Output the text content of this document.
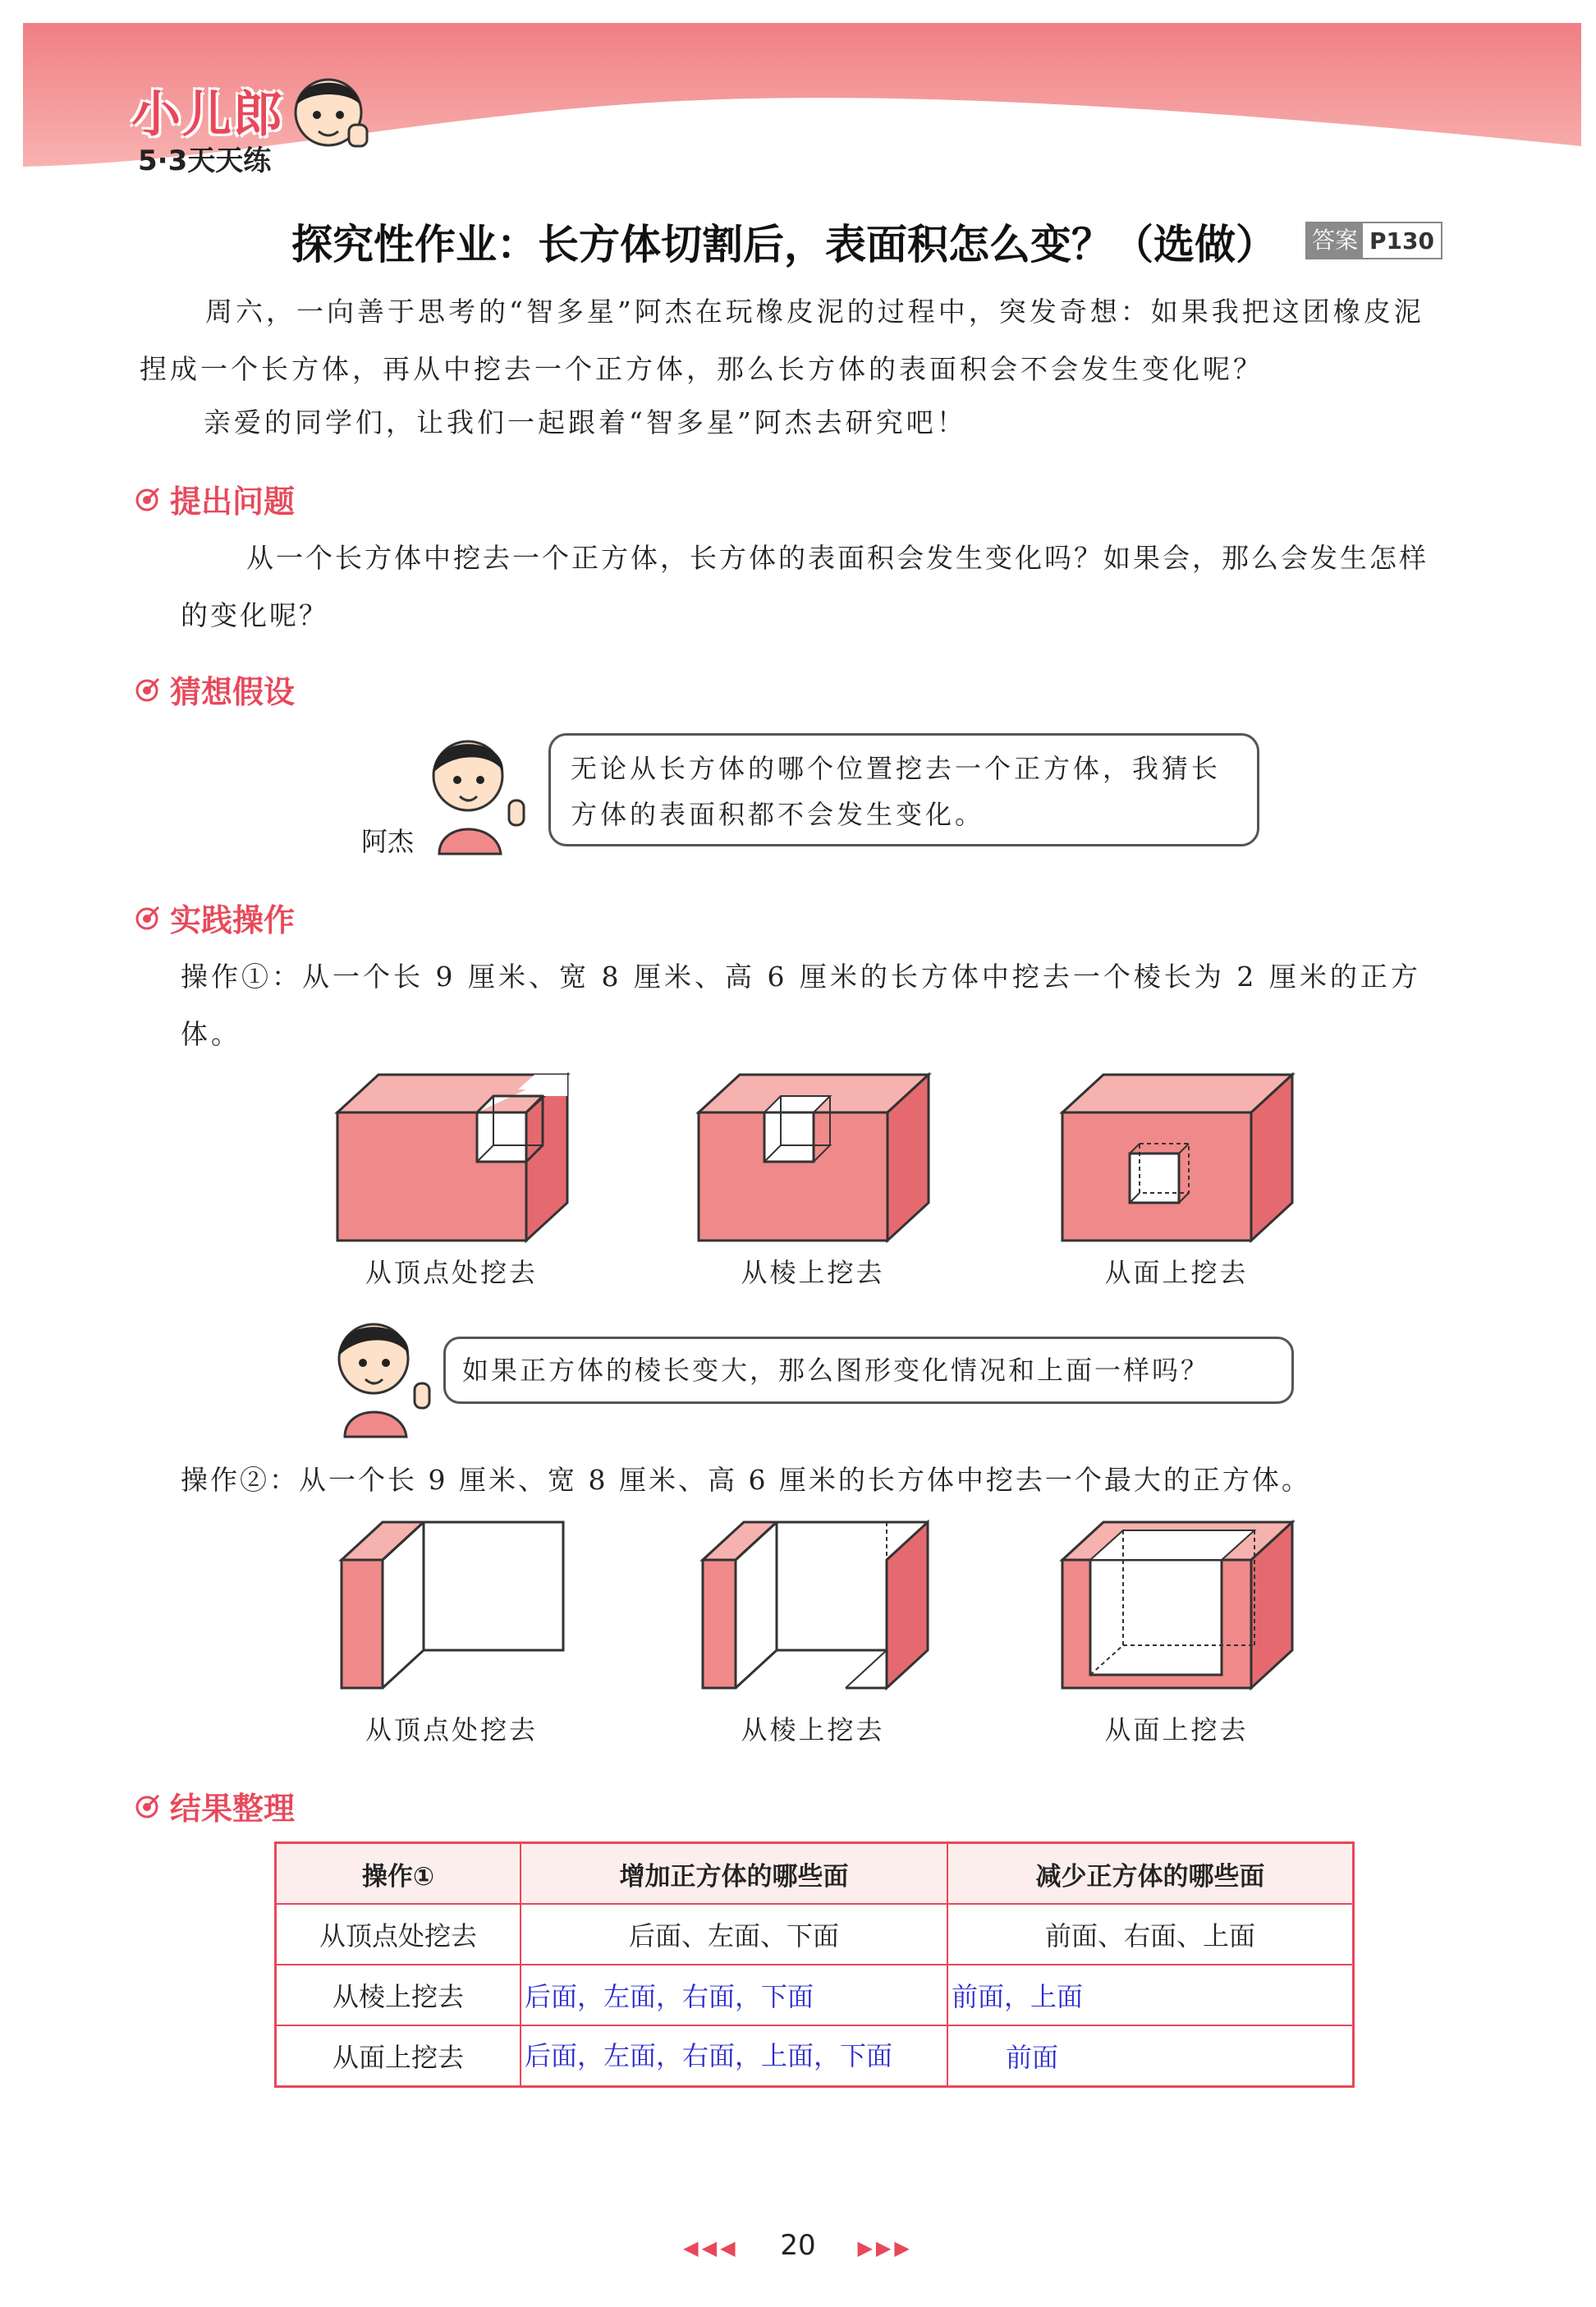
小儿郎
5·3天天练
探究性作业：长方体切割后，表面积怎么变？（选做） 答案 P130
周六，一向善于思考的“智多星”阿杰在玩橡皮泥的过程中，突发奇想：如果我把这团橡皮泥捏成一个长方体，再从中挖去一个正方体，那么长方体的表面积会不会发生变化呢？
亲爱的同学们，让我们一起跟着“智多星”阿杰去研究吧！
提出问题
从一个长方体中挖去一个正方体，长方体的表面积会发生变化吗？如果会，那么会发生怎样的变化呢？
猜想假设
阿杰
无论从长方体的哪个位置挖去一个正方体，我猜长方体的表面积都不会发生变化。
实践操作
操作①：从一个长 9 厘米、宽 8 厘米、高 6 厘米的长方体中挖去一个棱长为 2 厘米的正方体。
从顶点处挖去	从棱上挖去	从面上挖去
如果正方体的棱长变大，那么图形变化情况和上面一样吗？
操作②：从一个长 9 厘米、宽 8 厘米、高 6 厘米的长方体中挖去一个最大的正方体。
从顶点处挖去	从棱上挖去	从面上挖去
结果整理
操作①	增加正方体的哪些面	减少正方体的哪些面
从顶点处挖去	后面、左面、下面	前面、右面、上面
从棱上挖去	后面，左面，右面，下面	前面，上面
从面上挖去	后面，左面，右面，上面，下面	前面
◀◀◀ 20 ▶▶▶
